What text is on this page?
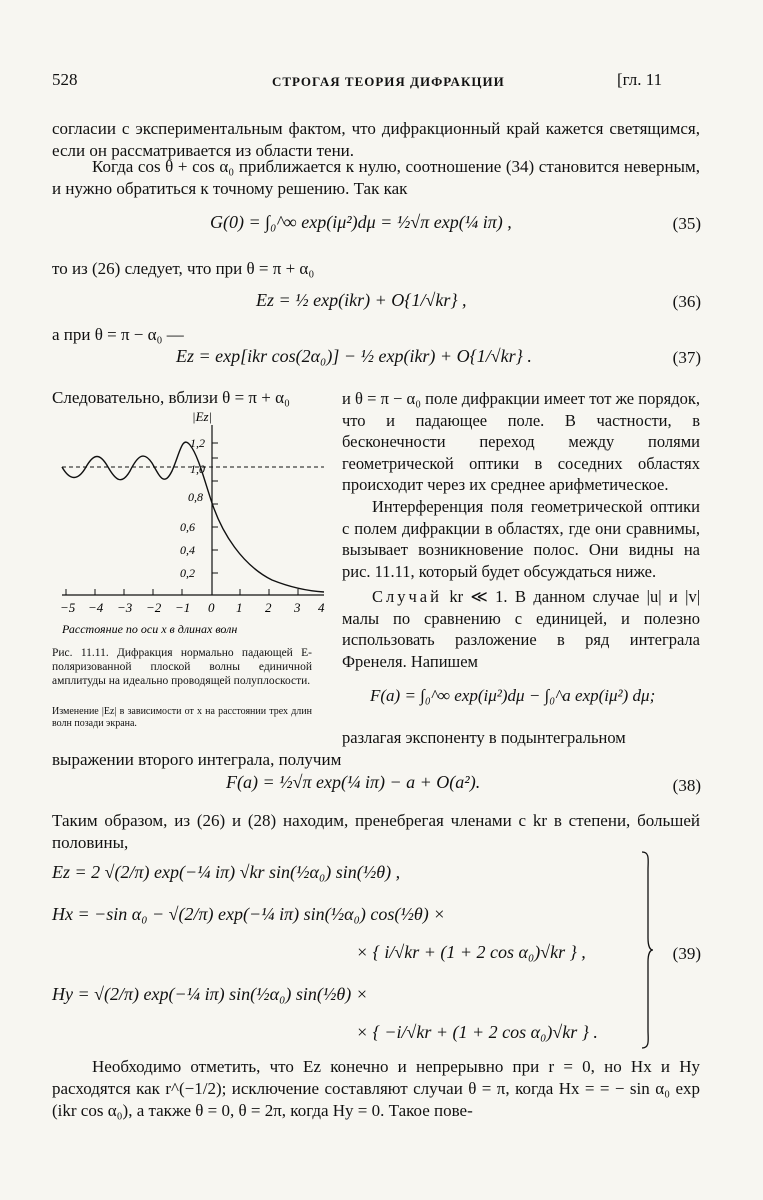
528	СТРОГАЯ ТЕОРИЯ ДИФРАКЦИИ	[гл. 11
согласии с экспериментальным фактом, что дифракционный край кажется светящимся, если он рассматривается из области тени.
Когда cos θ + cos α₀ приближается к нулю, соотношение (34) становится неверным, и нужно обратиться к точному решению. Так как
G(0) = ∫₀^∞ exp(iμ²)dμ = ½√π exp(¼ iπ) ,	(35)
то из (26) следует, что при θ = π + α₀
Ez = ½ exp(ikr) + O{1/√kr} ,	(36)
а при θ = π − α₀ —
Ez = exp[ikr cos(2α₀)] − ½ exp(ikr) + O{1/√kr} .	(37)
Следовательно, вблизи θ = π + α₀	и θ = π − α₀ поле дифракции имеет тот же порядок, что и падающее поле. В частности, в бесконечности переход между полями геометрической оптики в соседних областях происходит через их среднее арифметическое.
Интерференция поля геометрической оптики с полем дифракции в областях, где они сравнимы, вызывает возникновение полос. Они видны на рис. 11.11, который будет обсуждаться ниже.
Случай kr ≪ 1. В данном случае |u| и |v| малы по сравнению с единицей, и полезно использовать разложение в ряд интеграла Френеля. Напишем
F(a) = ∫₀^∞ exp(iμ²)dμ − ∫₀^a exp(iμ²) dμ;
разлагая экспоненту в подынтегральном
выражении второго интеграла, получим
0,2
0,4
0,6
0,8
1,0
1,2
|Ez|
−5 −4 −3 −2 −1 0 1 2 3 4
Расстояние по оси x в длинах волн
Рис. 11.11. Дифракция нормально падающей E-поляризованной плоской волны единичной амплитуды на идеально проводящей полуплоскости.
Изменение |Ez| в зависимости от x на расстоянии трех длин волн позади экрана.
F(a) = ½√π exp(¼ iπ) − a + O(a²).	(38)
Таким образом, из (26) и (28) находим, пренебрегая членами с kr в степени, большей половины,
Ez = 2 √(2/π) exp(−¼ iπ) √kr sin(½α₀) sin(½θ) ,
Hx = −sin α₀ − √(2/π) exp(−¼ iπ) sin(½α₀) cos(½θ) ×
× { i/√kr + (1 + 2 cos α₀)√kr } ,
Hy = √(2/π) exp(−¼ iπ) sin(½α₀) sin(½θ) ×
× { −i/√kr + (1 + 2 cos α₀)√kr } .
(39)
Необходимо отметить, что Ez конечно и непрерывно при r = 0, но Hx и Hy расходятся как r^(−1/2); исключение составляют случаи θ = π, когда Hx = = − sin α₀ exp (ikr cos α₀), а также θ = 0, θ = 2π, когда Hy = 0. Такое пове-
